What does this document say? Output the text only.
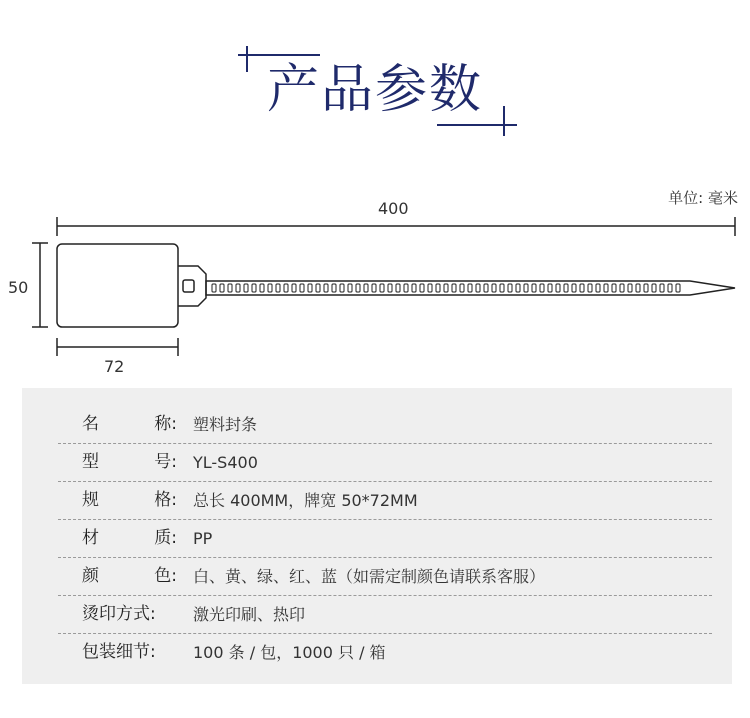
产品参数
单位: 毫米
400
50
72
名	称: 塑料封条
型	号: YL-S400
规	格: 总长 400MM，牌宽 50*72MM
材	质: PP
颜	色: 白、黄、绿、红、蓝（如需定制颜色请联系客服）
烫印方式: 激光印刷、热印
包装细节: 100 条 / 包，1000 只 / 箱
